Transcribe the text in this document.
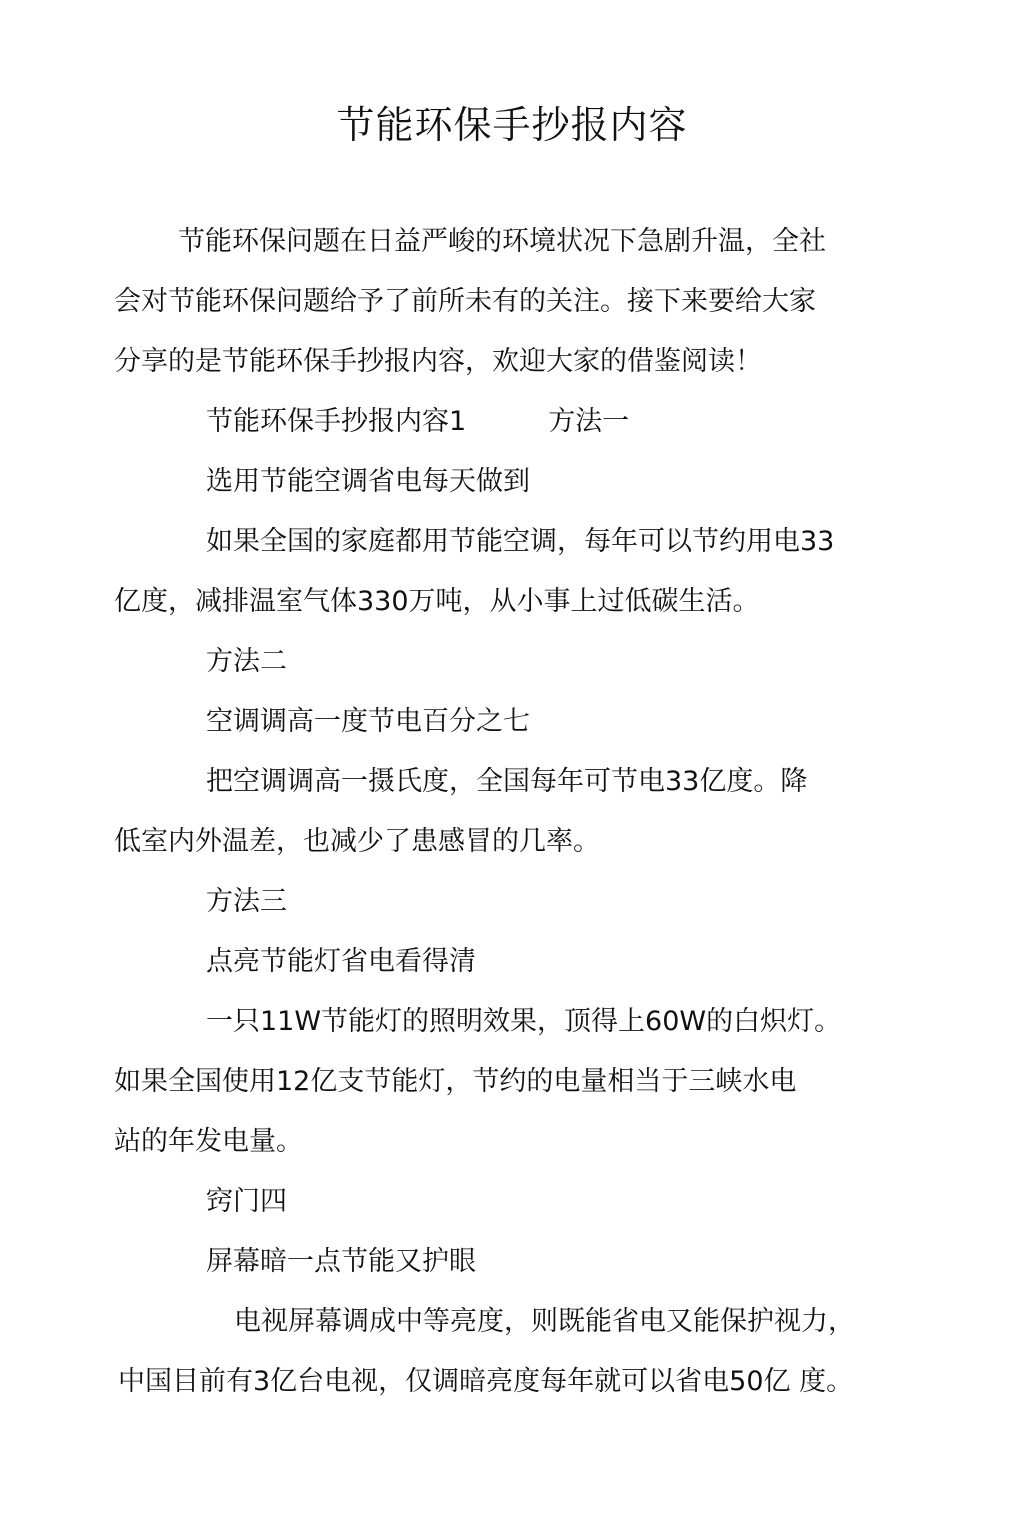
节能环保手抄报内容
节能环保问题在日益严峻的环境状况下急剧升温，全社
会对节能环保问题给予了前所未有的关注。接下来要给大家
分享的是节能环保手抄报内容，欢迎大家的借鉴阅读！
节能环保手抄报内容1	方法一
选用节能空调省电每天做到
如果全国的家庭都用节能空调，每年可以节约用电33
亿度，减排温室气体330万吨，从小事上过低碳生活。
方法二
空调调高一度节电百分之七
把空调调高一摄氏度，全国每年可节电33亿度。降
低室内外温差，也减少了患感冒的几率。
方法三
点亮节能灯省电看得清
一只11W节能灯的照明效果，顶得上60W的白炽灯。
如果全国使用12亿支节能灯，节约的电量相当于三峡水电
站的年发电量。
窍门四
屏幕暗一点节能又护眼
电视屏幕调成中等亮度，则既能省电又能保护视力，
中国目前有3亿台电视，仅调暗亮度每年就可以省电50亿 度。
